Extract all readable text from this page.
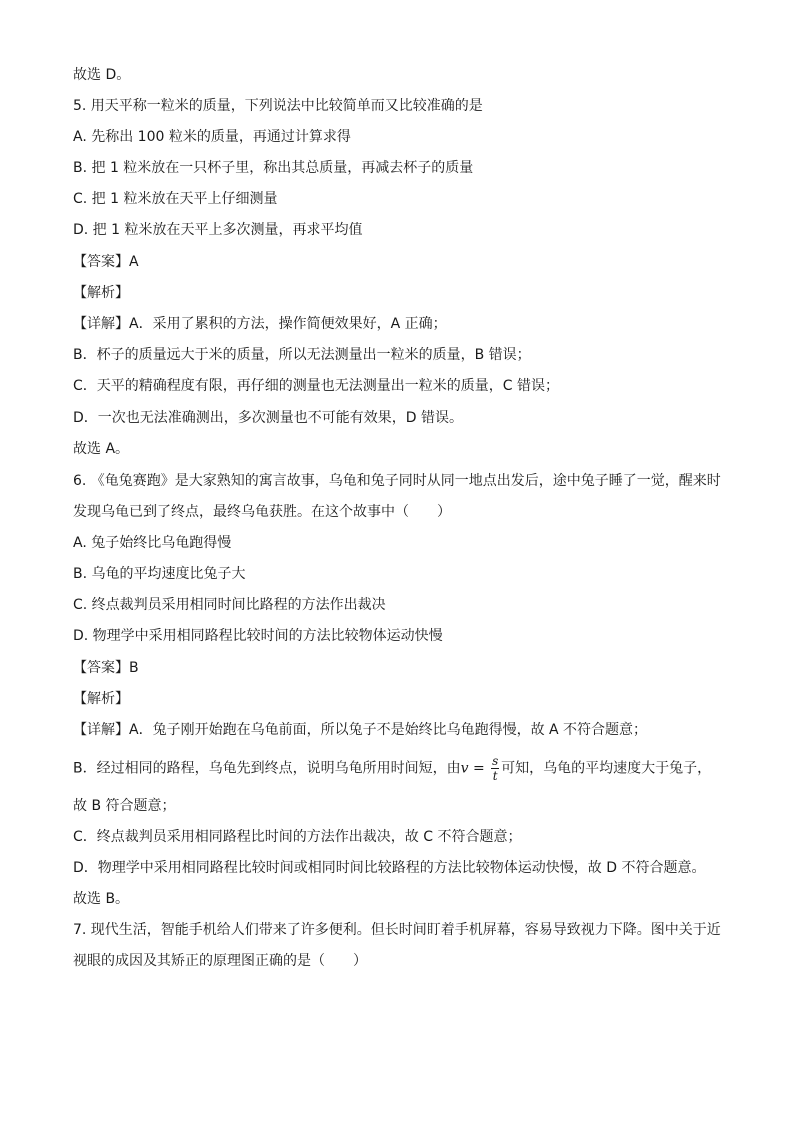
故选 D。
5. 用天平称一粒米的质量，下列说法中比较简单而又比较准确的是
A. 先称出 100 粒米的质量，再通过计算求得
B. 把 1 粒米放在一只杯子里，称出其总质量，再减去杯子的质量
C. 把 1 粒米放在天平上仔细测量
D. 把 1 粒米放在天平上多次测量，再求平均值
【答案】A
【解析】
【详解】A．采用了累积的方法，操作简便效果好，A 正确；
B．杯子的质量远大于米的质量，所以无法测量出一粒米的质量，B 错误；
C．天平的精确程度有限，再仔细的测量也无法测量出一粒米的质量，C 错误；
D．一次也无法准确测出，多次测量也不可能有效果，D 错误。
故选 A。
6. 《龟兔赛跑》是大家熟知的寓言故事，乌龟和兔子同时从同一地点出发后，途中兔子睡了一觉，醒来时
发现乌龟已到了终点，最终乌龟获胜。在这个故事中（　　）
A. 兔子始终比乌龟跑得慢
B. 乌龟的平均速度比兔子大
C. 终点裁判员采用相同时间比路程的方法作出裁决
D. 物理学中采用相同路程比较时间的方法比较物体运动快慢
【答案】B
【解析】
【详解】A．兔子刚开始跑在乌龟前面，所以兔子不是始终比乌龟跑得慢，故 A 不符合题意；
B．经过相同的路程，乌龟先到终点，说明乌龟所用时间短，由$v = \frac{s}{t}$ 可知，乌龟的平均速度大于兔子，
故 B 符合题意；
C．终点裁判员采用相同路程比时间的方法作出裁决，故 C 不符合题意；
D．物理学中采用相同路程比较时间或相同时间比较路程的方法比较物体运动快慢，故 D 不符合题意。
故选 B。
7. 现代生活，智能手机给人们带来了许多便利。但长时间盯着手机屏幕，容易导致视力下降。图中关于近
视眼的成因及其矫正的原理图正确的是（　　）
